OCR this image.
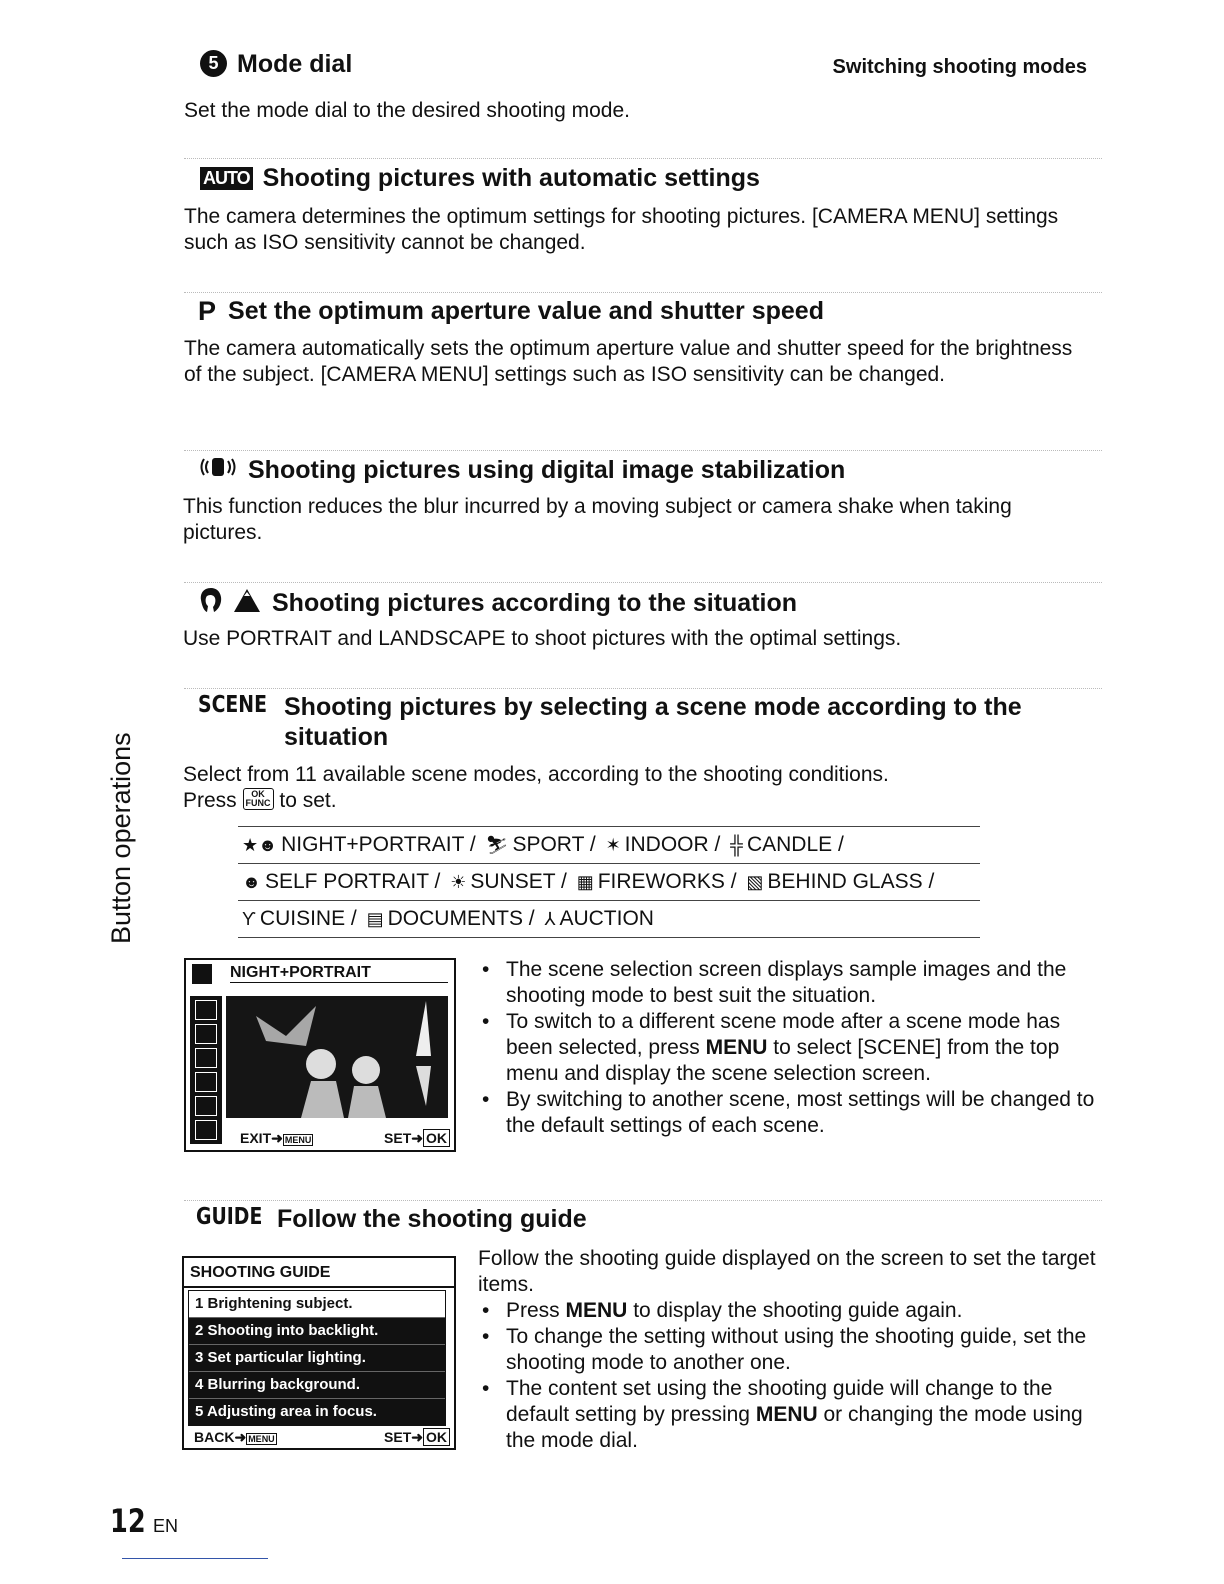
5 Mode dial	Switching shooting modes
Set the mode dial to the desired shooting mode.
AUTO Shooting pictures with automatic settings
The camera determines the optimum settings for shooting pictures. [CAMERA MENU] settings such as ISO sensitivity cannot be changed.
P Set the optimum aperture value and shutter speed
The camera automatically sets the optimum aperture value and shutter speed for the brightness of the subject. [CAMERA MENU] settings such as ISO sensitivity can be changed.
Shooting pictures using digital image stabilization
This function reduces the blur incurred by a moving subject or camera shake when taking pictures.
Shooting pictures according to the situation
Use PORTRAIT and LANDSCAPE to shoot pictures with the optimal settings.
SCENE Shooting pictures by selecting a scene mode according to the
situation
Select from 11 available scene modes, according to the shooting conditions.
Press OK
FUNC to set.
★☻ NIGHT+PORTRAIT / ⛷ SPORT / ✶ INDOOR / ╬ CANDLE /
☻ SELF PORTRAIT / ☀ SUNSET / ▦ FIREWORKS / ▧ BEHIND GLASS /
ϒ CUISINE / ▤ DOCUMENTS / ⅄ AUCTION
NIGHT+PORTRAIT
EXIT➜ MENU	SET➜ OK
• The scene selection screen displays sample images and the shooting mode to best suit the situation.
• To switch to a different scene mode after a scene mode has been selected, press MENU to select [SCENE] from the top menu and display the scene selection screen.
• By switching to another scene, most settings will be changed to the default settings of each scene.
GUIDE Follow the shooting guide
SHOOTING GUIDE
1 Brightening subject.
2 Shooting into backlight.
3 Set particular lighting.
4 Blurring background.
5 Adjusting area in focus.
BACK➜ MENU	SET➜ OK
Follow the shooting guide displayed on the screen to set the target items.
• Press MENU to display the shooting guide again.
• To change the setting without using the shooting guide, set the shooting mode to another one.
• The content set using the shooting guide will change to the default setting by pressing MENU or changing the mode using the mode dial.
Button operations
12 EN
